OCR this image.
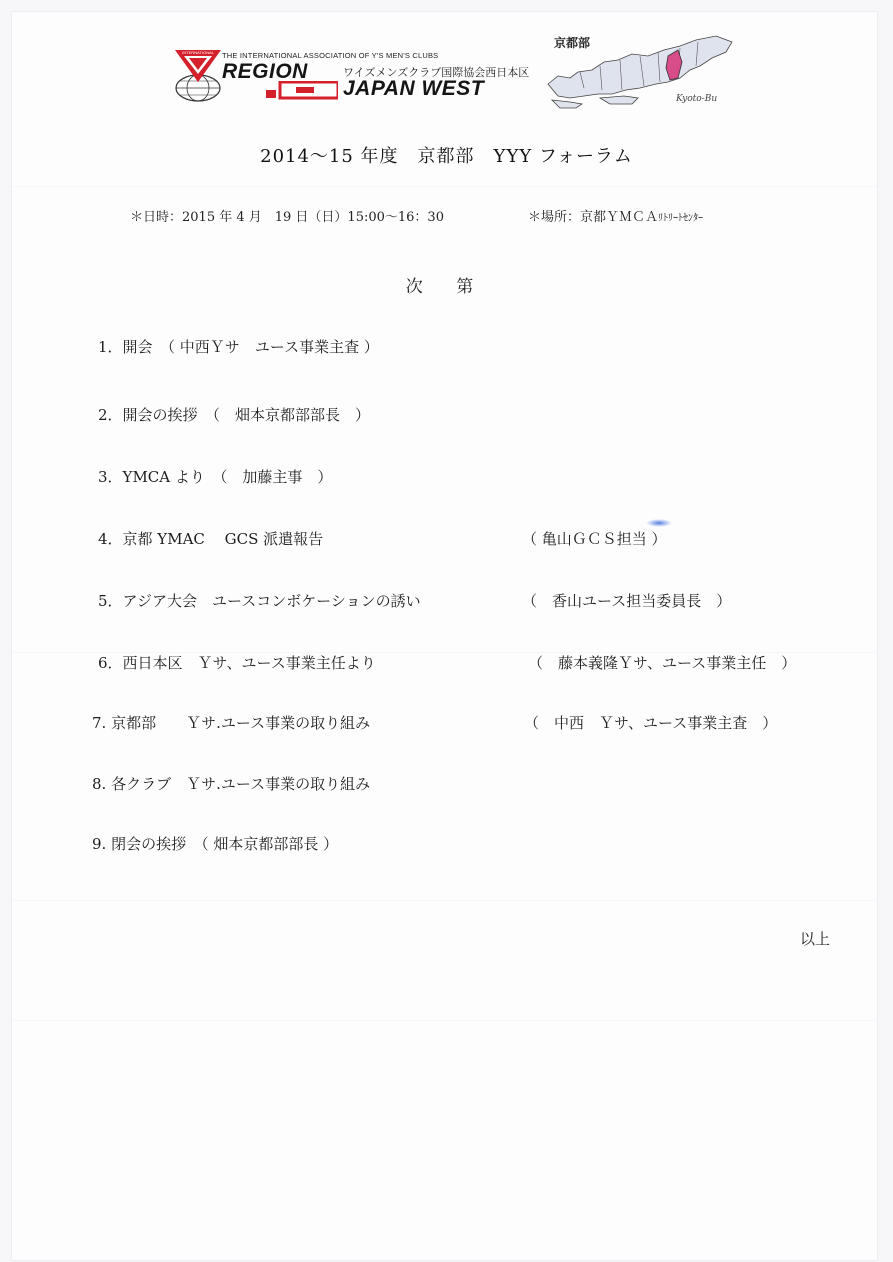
INTERNATIONAL THE INTERNATIONAL ASSOCIATION OF Y'S MEN'S CLUBS
REGION	ワイズメンズクラブ国際協会西日本区
JAPAN WEST
京都部
Kyoto-Bu
2014〜15 年度　京都部　YYY フォーラム
＊日時：2015 年 4 月　19 日（日）15:00〜16：30	＊場所：京都ＹＭＣＡﾘﾄﾘｰﾄｾﾝﾀｰ
次 第
1．開会　（ 中西Ｙサ　ユース事業主査 ）
2．開会の挨拶　（　畑本京都部部長　）
3．YMCA より　（　加藤主事　）
4．京都 YMAC　 GCS 派遣報告	（ 亀山ＧＣＳ担当 ）
5．アジア大会　ユースコンボケーションの誘い	（　香山ユース担当委員長　）
6．西日本区　Ｙサ、ユース事業主任より	（　藤本義隆Ｙサ、ユース事業主任　）
7. 京都部　　Ｙサ.ユース事業の取り組み	（　中西　Ｙサ、ユース事業主査　）
8. 各クラブ　Ｙサ.ユース事業の取り組み
9. 閉会の挨拶　（ 畑本京都部部長 ）
以上
